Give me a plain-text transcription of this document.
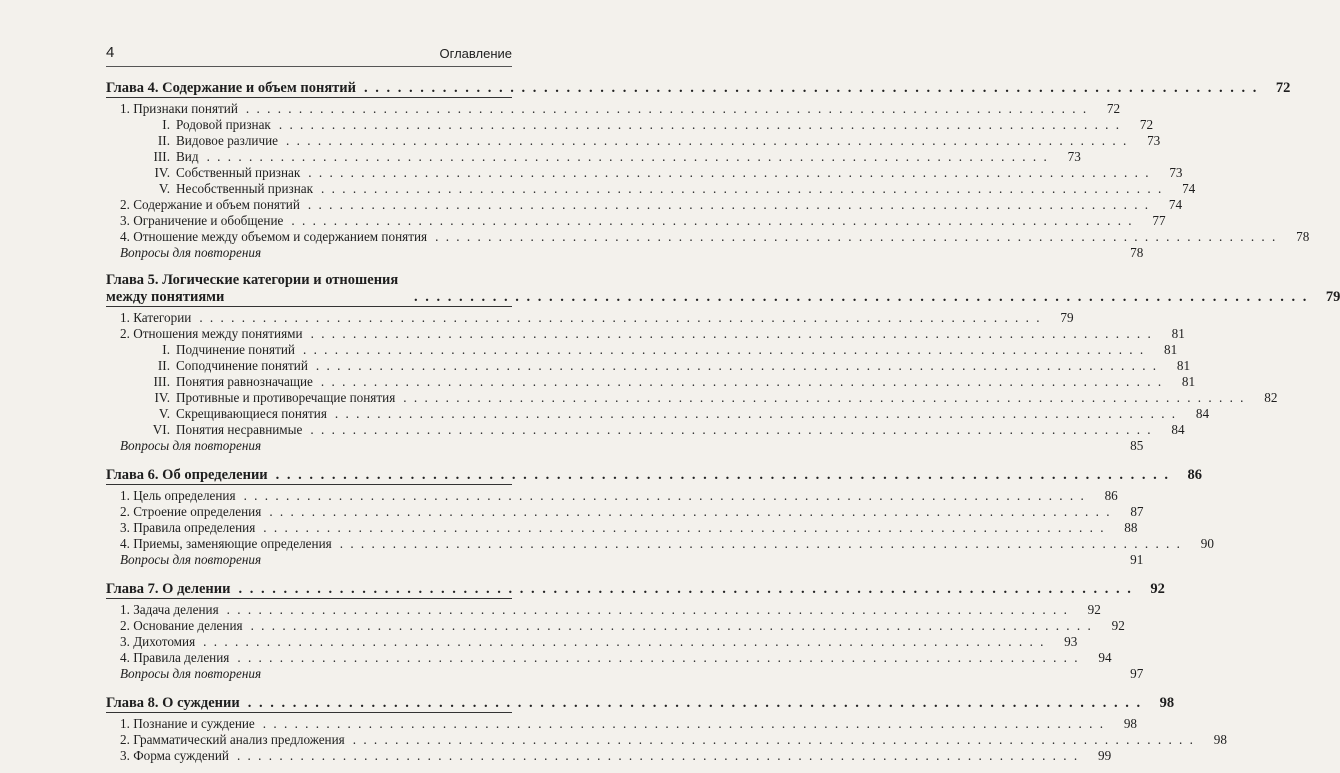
4	Оглавление
Глава 4. Содержание и объем понятий . . . . . . . . . . . . . . . . . . . . . . . . . . . . . . . . . . . . . . . . . . . . . . . . . . . . . . . . . . . . . . . . . . . . . . . . . . . . . . . .	72
1. Признаки понятий . . . . . . . . . . . . . . . . . . . . . . . . . . . . . . . . . . . . . . . . . . . . . . . . . . . . . . . . . . . . . . . . . . . . . . . . . . . . . . . .	72
I. Родовой признак . . . . . . . . . . . . . . . . . . . . . . . . . . . . . . . . . . . . . . . . . . . . . . . . . . . . . . . . . . . . . . . . . . . . . . . . . . . . . . . .	72
II. Видовое различие . . . . . . . . . . . . . . . . . . . . . . . . . . . . . . . . . . . . . . . . . . . . . . . . . . . . . . . . . . . . . . . . . . . . . . . . . . . . . . . .	73
III. Вид . . . . . . . . . . . . . . . . . . . . . . . . . . . . . . . . . . . . . . . . . . . . . . . . . . . . . . . . . . . . . . . . . . . . . . . . . . . . . . . .	73
IV. Собственный признак . . . . . . . . . . . . . . . . . . . . . . . . . . . . . . . . . . . . . . . . . . . . . . . . . . . . . . . . . . . . . . . . . . . . . . . . . . . . . . . .	73
V. Несобственный признак . . . . . . . . . . . . . . . . . . . . . . . . . . . . . . . . . . . . . . . . . . . . . . . . . . . . . . . . . . . . . . . . . . . . . . . . . . . . . . . .	74
2. Содержание и объем понятий . . . . . . . . . . . . . . . . . . . . . . . . . . . . . . . . . . . . . . . . . . . . . . . . . . . . . . . . . . . . . . . . . . . . . . . . . . . . . . . .	74
3. Ограничение и обобщение . . . . . . . . . . . . . . . . . . . . . . . . . . . . . . . . . . . . . . . . . . . . . . . . . . . . . . . . . . . . . . . . . . . . . . . . . . . . . . . .	77
4. Отношение между объемом и содержанием понятия . . . . . . . . . . . . . . . . . . . . . . . . . . . . . . . . . . . . . . . . . . . . . . . . . . . . . . . . . . . . . . . . . . . . . . . . . . . . . . . .	78
Вопросы для повторения	78
Глава 5. Логические категории и отношения между понятиями	. . . . . . . . . . . . . . . . . . . . . . . . . . . . . . . . . . . . . . . . . . . . . . . . . . . . . . . . . . . . . . . . . . . . . . . . . . . . . . . .	79
1. Категории . . . . . . . . . . . . . . . . . . . . . . . . . . . . . . . . . . . . . . . . . . . . . . . . . . . . . . . . . . . . . . . . . . . . . . . . . . . . . . . .	79
2. Отношения между понятиями . . . . . . . . . . . . . . . . . . . . . . . . . . . . . . . . . . . . . . . . . . . . . . . . . . . . . . . . . . . . . . . . . . . . . . . . . . . . . . . .	81
I. Подчинение понятий . . . . . . . . . . . . . . . . . . . . . . . . . . . . . . . . . . . . . . . . . . . . . . . . . . . . . . . . . . . . . . . . . . . . . . . . . . . . . . . .	81
II. Соподчинение понятий . . . . . . . . . . . . . . . . . . . . . . . . . . . . . . . . . . . . . . . . . . . . . . . . . . . . . . . . . . . . . . . . . . . . . . . . . . . . . . . .	81
III. Понятия равнозначащие . . . . . . . . . . . . . . . . . . . . . . . . . . . . . . . . . . . . . . . . . . . . . . . . . . . . . . . . . . . . . . . . . . . . . . . . . . . . . . . .	81
IV. Противные и противоречащие понятия . . . . . . . . . . . . . . . . . . . . . . . . . . . . . . . . . . . . . . . . . . . . . . . . . . . . . . . . . . . . . . . . . . . . . . . . . . . . . . . .	82
V. Скрещивающиеся понятия . . . . . . . . . . . . . . . . . . . . . . . . . . . . . . . . . . . . . . . . . . . . . . . . . . . . . . . . . . . . . . . . . . . . . . . . . . . . . . . .	84
VI. Понятия несравнимые . . . . . . . . . . . . . . . . . . . . . . . . . . . . . . . . . . . . . . . . . . . . . . . . . . . . . . . . . . . . . . . . . . . . . . . . . . . . . . . .	84
Вопросы для повторения	85
Глава 6. Об определении . . . . . . . . . . . . . . . . . . . . . . . . . . . . . . . . . . . . . . . . . . . . . . . . . . . . . . . . . . . . . . . . . . . . . . . . . . . . . . . .	86
1. Цель определения . . . . . . . . . . . . . . . . . . . . . . . . . . . . . . . . . . . . . . . . . . . . . . . . . . . . . . . . . . . . . . . . . . . . . . . . . . . . . . . .	86
2. Строение определения . . . . . . . . . . . . . . . . . . . . . . . . . . . . . . . . . . . . . . . . . . . . . . . . . . . . . . . . . . . . . . . . . . . . . . . . . . . . . . . .	87
3. Правила определения . . . . . . . . . . . . . . . . . . . . . . . . . . . . . . . . . . . . . . . . . . . . . . . . . . . . . . . . . . . . . . . . . . . . . . . . . . . . . . . .	88
4. Приемы, заменяющие определения . . . . . . . . . . . . . . . . . . . . . . . . . . . . . . . . . . . . . . . . . . . . . . . . . . . . . . . . . . . . . . . . . . . . . . . . . . . . . . . .	90
Вопросы для повторения	91
Глава 7. О делении . . . . . . . . . . . . . . . . . . . . . . . . . . . . . . . . . . . . . . . . . . . . . . . . . . . . . . . . . . . . . . . . . . . . . . . . . . . . . . . .	92
1. Задача деления . . . . . . . . . . . . . . . . . . . . . . . . . . . . . . . . . . . . . . . . . . . . . . . . . . . . . . . . . . . . . . . . . . . . . . . . . . . . . . . .	92
2. Основание деления . . . . . . . . . . . . . . . . . . . . . . . . . . . . . . . . . . . . . . . . . . . . . . . . . . . . . . . . . . . . . . . . . . . . . . . . . . . . . . . .	92
3. Дихотомия . . . . . . . . . . . . . . . . . . . . . . . . . . . . . . . . . . . . . . . . . . . . . . . . . . . . . . . . . . . . . . . . . . . . . . . . . . . . . . . .	93
4. Правила деления . . . . . . . . . . . . . . . . . . . . . . . . . . . . . . . . . . . . . . . . . . . . . . . . . . . . . . . . . . . . . . . . . . . . . . . . . . . . . . . .	94
Вопросы для повторения	97
Глава 8. О суждении . . . . . . . . . . . . . . . . . . . . . . . . . . . . . . . . . . . . . . . . . . . . . . . . . . . . . . . . . . . . . . . . . . . . . . . . . . . . . . . .	98
1. Познание и суждение . . . . . . . . . . . . . . . . . . . . . . . . . . . . . . . . . . . . . . . . . . . . . . . . . . . . . . . . . . . . . . . . . . . . . . . . . . . . . . . .	98
2. Грамматический анализ предложения . . . . . . . . . . . . . . . . . . . . . . . . . . . . . . . . . . . . . . . . . . . . . . . . . . . . . . . . . . . . . . . . . . . . . . . . . . . . . . . .	98
3. Форма суждений . . . . . . . . . . . . . . . . . . . . . . . . . . . . . . . . . . . . . . . . . . . . . . . . . . . . . . . . . . . . . . . . . . . . . . . . . . . . . . . .	99
